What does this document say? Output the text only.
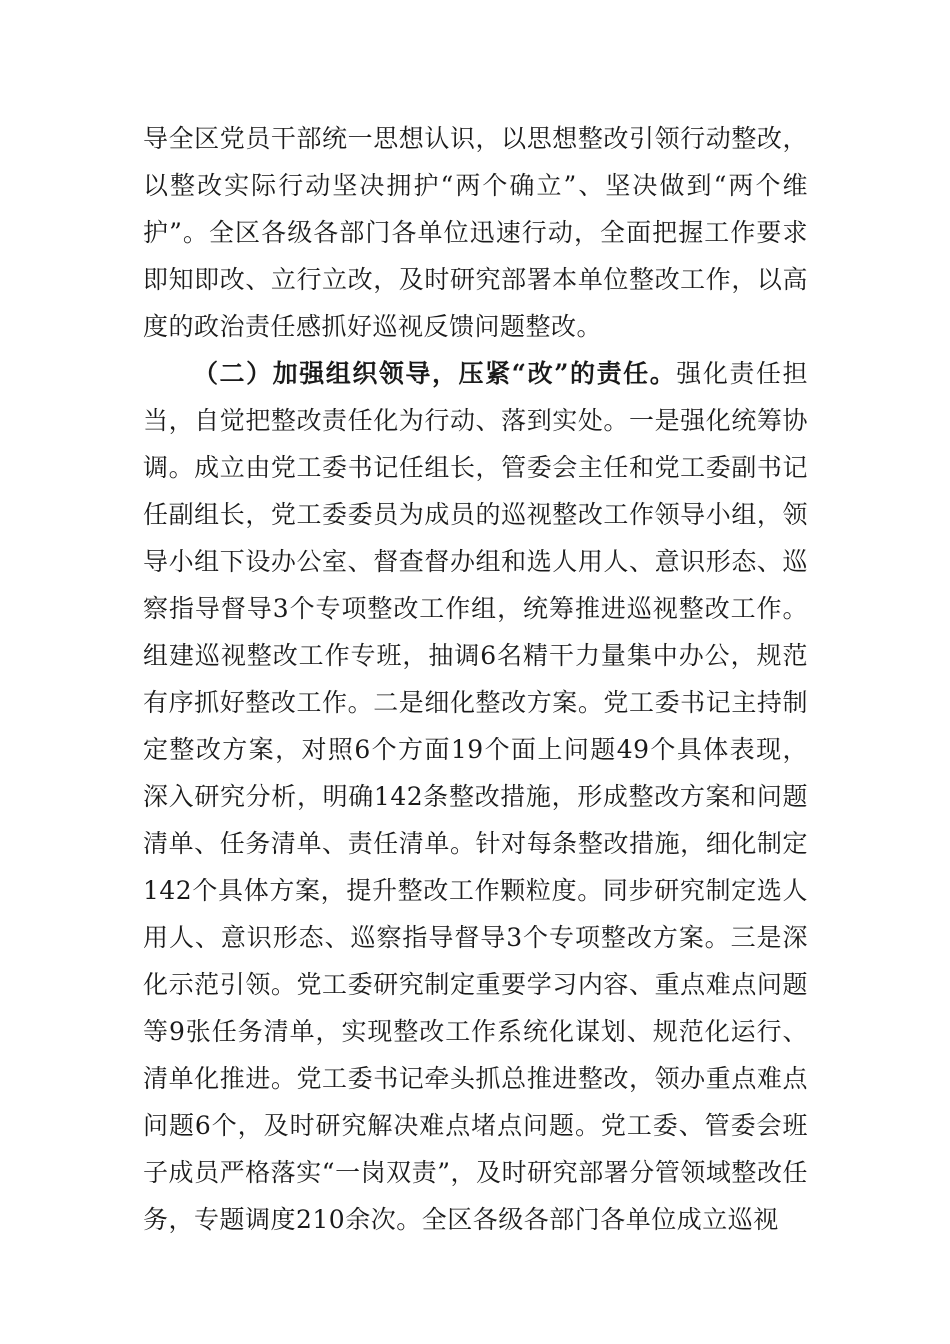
导全区党员干部统一思想认识，以思想整改引领行动整改，以整改实际行动坚决拥护“两个确立”、坚决做到“两个维护”。全区各级各部门各单位迅速行动，全面把握工作要求即知即改、立行立改，及时研究部署本单位整改工作，以高度的政治责任感抓好巡视反馈问题整改。

（二）加强组织领导，压紧“改”的责任。强化责任担当，自觉把整改责任化为行动、落到实处。一是强化统筹协调。成立由党工委书记任组长，管委会主任和党工委副书记任副组长，党工委委员为成员的巡视整改工作领导小组，领导小组下设办公室、督查督办组和选人用人、意识形态、巡察指导督导3个专项整改工作组，统筹推进巡视整改工作。组建巡视整改工作专班，抽调6名精干力量集中办公，规范有序抓好整改工作。二是细化整改方案。党工委书记主持制定整改方案，对照6个方面19个面上问题49个具体表现，深入研究分析，明确142条整改措施，形成整改方案和问题清单、任务清单、责任清单。针对每条整改措施，细化制定142个具体方案，提升整改工作颗粒度。同步研究制定选人用人、意识形态、巡察指导督导3个专项整改方案。三是深化示范引领。党工委研究制定重要学习内容、重点难点问题等9张任务清单，实现整改工作系统化谋划、规范化运行、清单化推进。党工委书记牵头抓总推进整改，领办重点难点问题6个，及时研究解决难点堵点问题。党工委、管委会班子成员严格落实“一岗双责”，及时研究部署分管领域整改任务，专题调度210余次。全区各级各部门各单位成立巡视
